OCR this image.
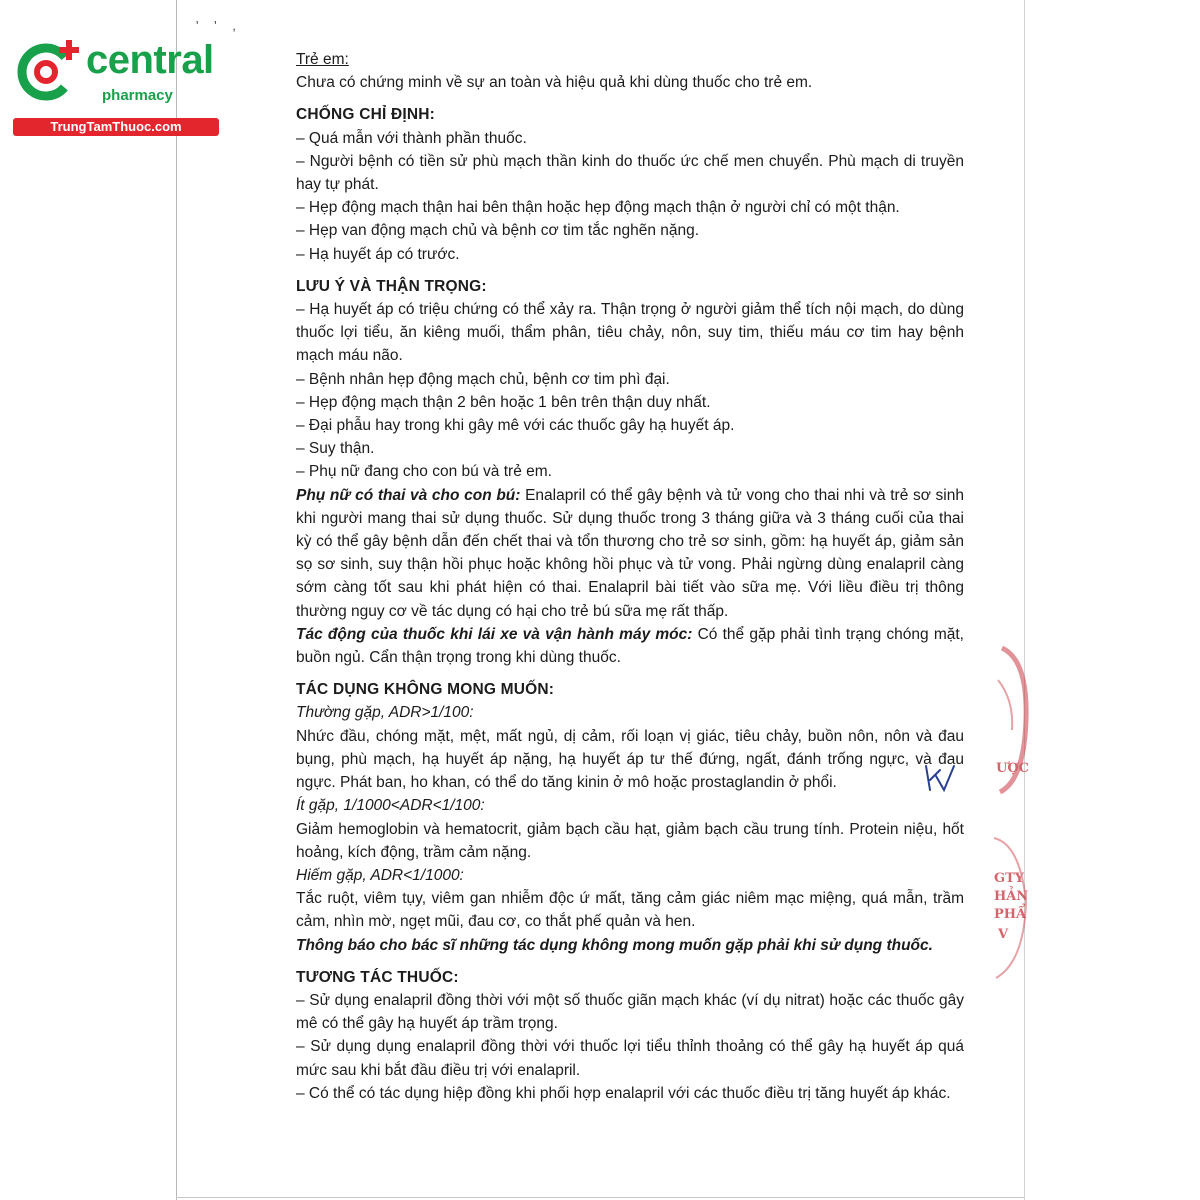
' ' ,
central
pharmacy
TrungTamThuoc.com

Trẻ em:

Chưa có chứng minh về sự an toàn và hiệu quả khi dùng thuốc cho trẻ em.

CHỐNG CHỈ ĐỊNH:

– Quá mẫn với thành phần thuốc.

– Người bệnh có tiền sử phù mạch thần kinh do thuốc ức chế men chuyển. Phù mạch di truyền hay tự phát.

– Hẹp động mạch thận hai bên thận hoặc hẹp động mạch thận ở người chỉ có một thận.

– Hẹp van động mạch chủ và bệnh cơ tim tắc nghẽn nặng.

– Hạ huyết áp có trước.

LƯU Ý VÀ THẬN TRỌNG:

– Hạ huyết áp có triệu chứng có thể xảy ra. Thận trọng ở người giảm thể tích nội mạch, do dùng thuốc lợi tiểu, ăn kiêng muối, thẩm phân, tiêu chảy, nôn, suy tim, thiếu máu cơ tim hay bệnh mạch máu não.

– Bệnh nhân hẹp động mạch chủ, bệnh cơ tim phì đại.

– Hẹp động mạch thận 2 bên hoặc 1 bên trên thận duy nhất.

– Đại phẫu hay trong khi gây mê với các thuốc gây hạ huyết áp.

– Suy thận.

– Phụ nữ đang cho con bú và trẻ em.

Phụ nữ có thai và cho con bú: Enalapril có thể gây bệnh và tử vong cho thai nhi và trẻ sơ sinh khi người mang thai sử dụng thuốc. Sử dụng thuốc trong 3 tháng giữa và 3 tháng cuối của thai kỳ có thể gây bệnh dẫn đến chết thai và tổn thương cho trẻ sơ sinh, gồm: hạ huyết áp, giảm sản sọ sơ sinh, suy thận hồi phục hoặc không hồi phục và tử vong. Phải ngừng dùng enalapril càng sớm càng tốt sau khi phát hiện có thai. Enalapril bài tiết vào sữa mẹ. Với liều điều trị thông thường nguy cơ về tác dụng có hại cho trẻ bú sữa mẹ rất thấp.

Tác động của thuốc khi lái xe và vận hành máy móc: Có thể gặp phải tình trạng chóng mặt, buồn ngủ. Cẩn thận trọng trong khi dùng thuốc.

TÁC DỤNG KHÔNG MONG MUỐN:

Thường gặp, ADR>1/100:

Nhức đầu, chóng mặt, mệt, mất ngủ, dị cảm, rối loạn vị giác, tiêu chảy, buồn nôn, nôn và đau bụng, phù mạch, hạ huyết áp nặng, hạ huyết áp tư thế đứng, ngất, đánh trống ngực, và đau ngực. Phát ban, ho khan, có thể do tăng kinin ở mô hoặc prostaglandin ở phổi.

Ít gặp, 1/1000<ADR<1/100:

Giảm hemoglobin và hematocrit, giảm bạch cầu hạt, giảm bạch cầu trung tính. Protein niệu, hốt hoảng, kích động, trầm cảm nặng.

Hiếm gặp, ADR<1/1000:

Tắc ruột, viêm tụy, viêm gan nhiễm độc ứ mất, tăng cảm giác niêm mạc miệng, quá mẫn, trầm cảm, nhìn mờ, ngẹt mũi, đau cơ, co thắt phế quản và hen.

Thông báo cho bác sĩ những tác dụng không mong muốn gặp phải khi sử dụng thuốc.

TƯƠNG TÁC THUỐC:

– Sử dụng enalapril đồng thời với một số thuốc giãn mạch khác (ví dụ nitrat) hoặc các thuốc gây mê có thể gây hạ huyết áp trầm trọng.

– Sử dụng dụng enalapril đồng thời với thuốc lợi tiểu thỉnh thoảng có thể gây hạ huyết áp quá mức sau khi bắt đầu điều trị với enalapril.

– Có thể có tác dụng hiệp đồng khi phối hợp enalapril với các thuốc điều trị tăng huyết áp khác.

ƯỢC
GTY
HẢN
PHẨ
V
